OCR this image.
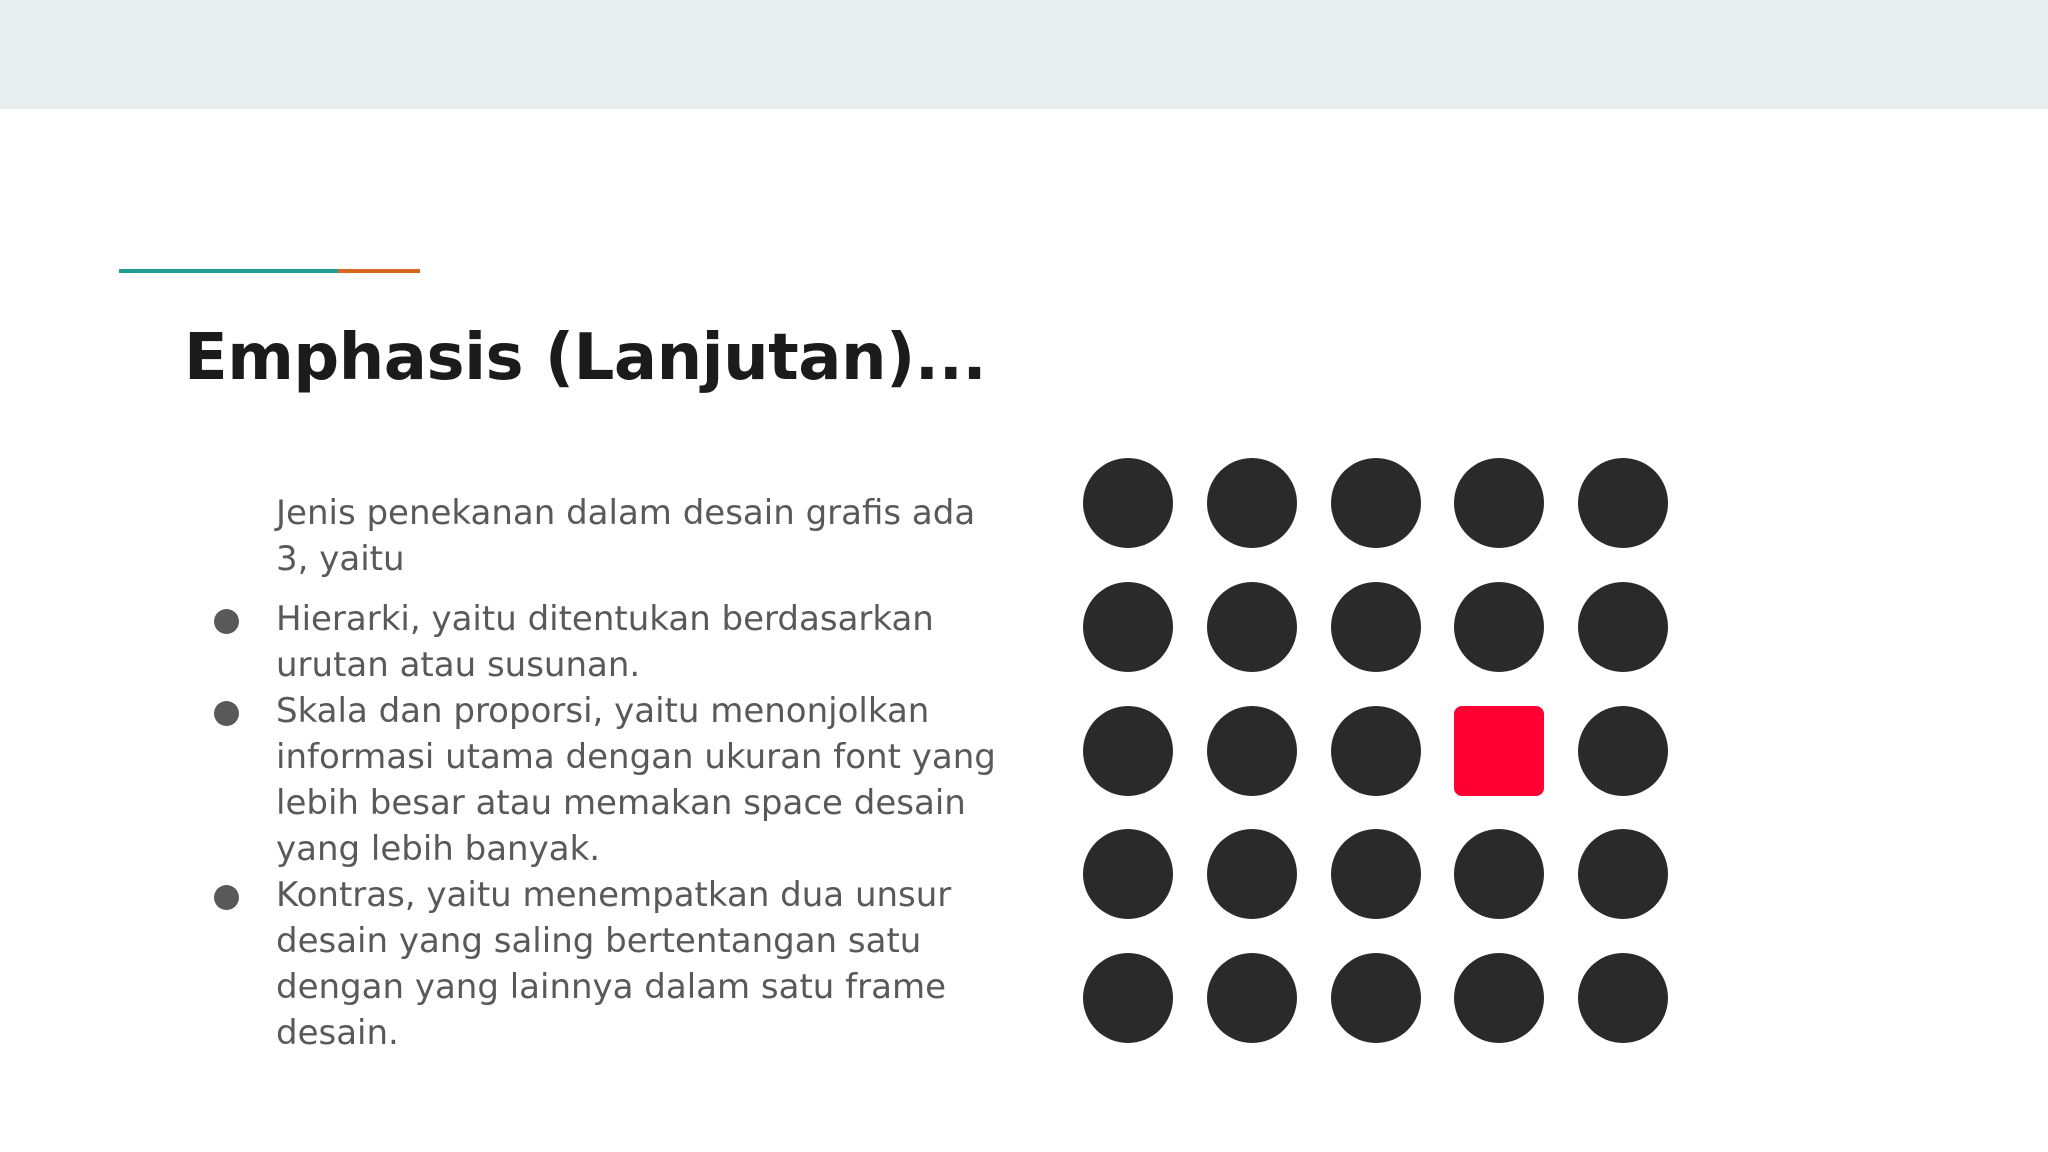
Emphasis (Lanjutan)...

Jenis penekanan dalam desain grafis ada 3, yaitu

Hierarki, yaitu ditentukan berdasarkan urutan atau susunan.
Skala dan proporsi, yaitu menonjolkan informasi utama dengan ukuran font yang lebih besar atau memakan space desain yang lebih banyak.
Kontras, yaitu menempatkan dua unsur desain yang saling bertentangan satu dengan yang lainnya dalam satu frame desain.
